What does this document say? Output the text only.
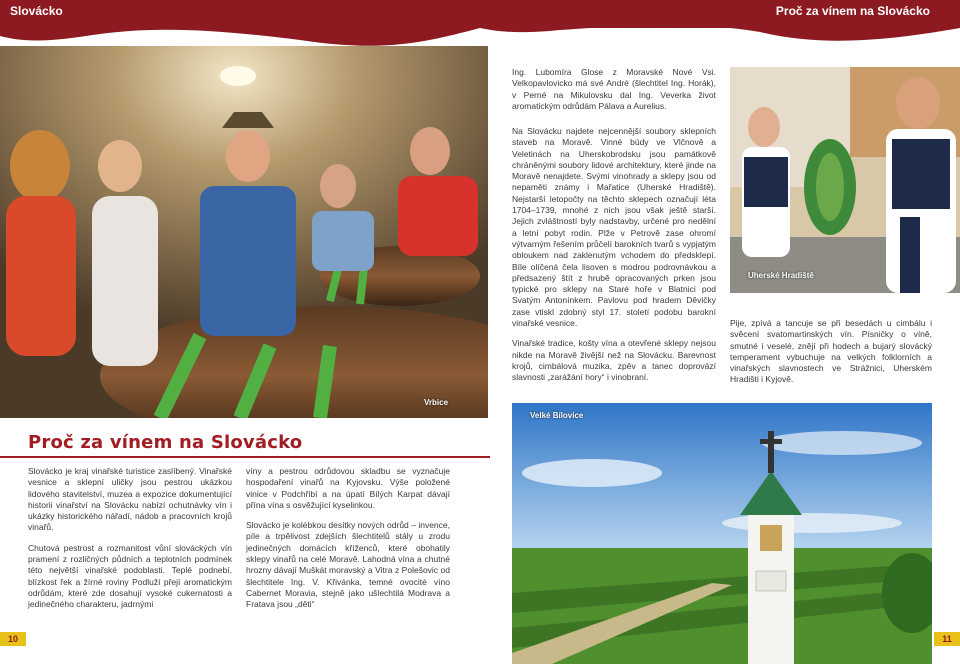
Slovácko	Proč za vínem na Slovácko
Vrbice
Ing. Lubomíra Glose z Moravské Nové Vsi. Velkopavlovicko má své André (šlechtitel Ing. Horák), v Perné na Mikulovsku dal Ing. Veverka život aromatickým odrůdám Pálava a Aurelius.

Na Slovácku najdete nejcennější soubory sklepních staveb na Moravě. Vinné búdy ve Vlčnově a Veletinách na Uherskobrodsku jsou památkově chráněnými soubory lidové architektury, které jinde na Moravě nenajdete. Svými vinohrady a sklepy jsou od nepaměti známy i Mařatice (Uherské Hradiště). Nejstarší letopočty na těchto sklepech označují léta 1704–1739, mnohé z nich jsou však ještě starší. Jejich zvláštností byly nadstavby, určené pro nedělní a letní pobyt rodin. Plže v Petrově zase ohromí výtvarným řešením průčelí barokních tvarů s vypjatým obloukem nad zaklenutým vchodem do předsklepí. Bíle olíčená čela lisoven s modrou podrovnávkou a předsazený štít z hrubě opracovaných prken jsou typické pro sklepy na Staré hoře v Blatnici pod Svatým Antonínkem. Pavlovu pod hradem Děvičky zase vtiskl zdobný styl 17. století podobu barokní vinařské vesnice.

Vinařské tradice, košty vína a otevřené sklepy nejsou nikde na Moravě živější než na Slovácku. Barevnost krojů, cimbálová muzika, zpěv a tanec doprovází slavnosti „zarážání hory“ i vinobraní.

Uherské Hradiště
Pije, zpívá a tancuje se při besedách u cimbálu i svěcení svatomartinských vín. Písničky o víně, smutné i veselé, znějí při hodech a bujarý slovácký temperament vybuchuje na velkých folklorních a vinařských slavnostech ve Strážnici, Uherském Hradišti i Kyjově.
Proč za vínem na Slovácko

Slovácko je kraj vinařské turistice zaslíbený. Vinařské vesnice a sklepní uličky jsou pestrou ukázkou lidového stavitelství, muzea a expozice dokumentující historii vinařství na Slovácku nabízí ochutnávky vín i ukázky historického nářadí, nádob a pracovních krojů vinařů.

Chutová pestrost a rozmanitost vůní slováckých vín pramení z rozličných půdních a teplotních podmínek této největší vinařské podoblasti. Teplé podnebí, blízkost řek a žírné roviny Podluží přejí aromatickým odrůdám, které zde dosahují vysoké cukernatosti a jedinečného charakteru, jadrnými

víny a pestrou odrůdovou skladbu se vyznačuje hospodaření vinařů na Kyjovsku. Výše položené vinice v Podchřibí a na úpatí Bílých Karpat dávají přína vína s osvěžující kyselinkou.

Slovácko je kolébkou desítky nových odrůd – invence, píle a trpělivost zdejších šlechtitelů stály u zrodu jedinečných domácích kříženců, které obohatily sklepy vinařů na celé Moravě. Lahodná vína a chutné hrozny dávají Muškát moravský a Vitra z Polešovic od šlechtitele Ing. V. Křivánka, temné ovocité víno Cabernet Moravia, stejně jako ušlechtilá Modrava a Fratava jsou „děti“

Velké Bílovice
10	11
